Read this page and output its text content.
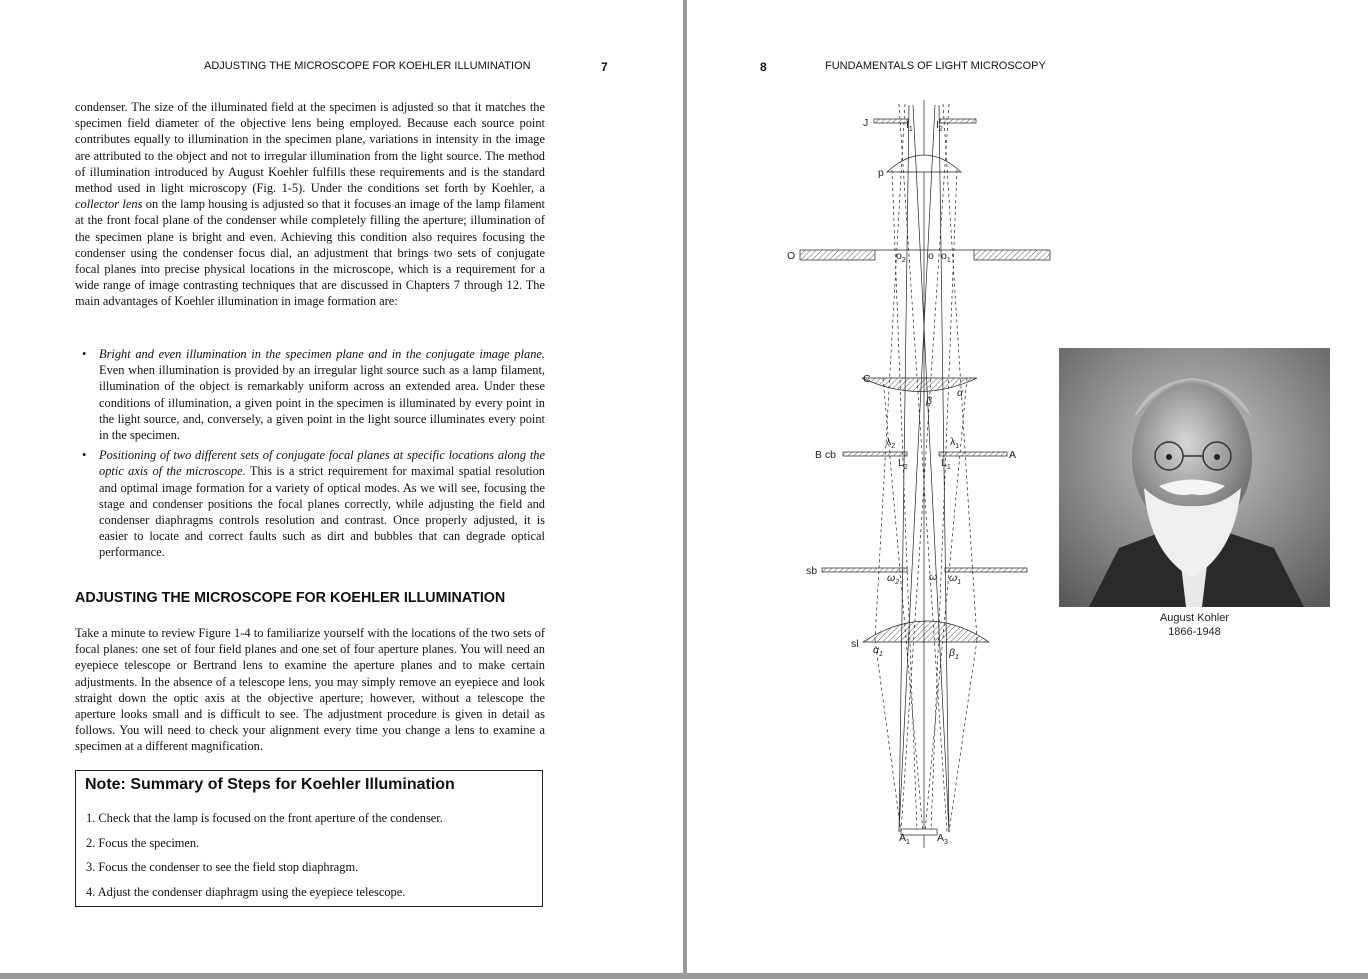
ADJUSTING THE MICROSCOPE FOR KOEHLER ILLUMINATION	7

condenser. The size of the illuminated field at the specimen is adjusted so that it matches the specimen field diameter of the objective lens being employed. Because each source point contributes equally to illumination in the specimen plane, variations in intensity in the image are attributed to the object and not to irregular illumination from the light source. The method of illumination introduced by August Koehler fulfills these requirements and is the standard method used in light microscopy (Fig. 1-5). Under the conditions set forth by Koehler, a collector lens on the lamp housing is adjusted so that it focuses an image of the lamp filament at the front focal plane of the condenser while completely filling the aperture; illumination of the specimen plane is bright and even. Achieving this condition also requires focusing the condenser using the condenser focus dial, an adjustment that brings two sets of conjugate focal planes into precise physical locations in the microscope, which is a requirement for a wide range of image contrasting techniques that are discussed in Chapters 7 through 12. The main advantages of Koehler illumination in image formation are:

• Bright and even illumination in the specimen plane and in the conjugate image plane. Even when illumination is provided by an irregular light source such as a lamp filament, illumination of the object is remarkably uniform across an extended area. Under these conditions of illumination, a given point in the specimen is illuminated by every point in the light source, and, conversely, a given point in the light source illuminates every point in the specimen.
• Positioning of two different sets of conjugate focal planes at specific locations along the optic axis of the microscope. This is a strict requirement for maximal spatial resolution and optimal image formation for a variety of optical modes. As we will see, focusing the stage and condenser positions the focal planes correctly, while adjusting the field and condenser diaphragms controls resolution and contrast. Once properly adjusted, it is easier to locate and correct faults such as dirt and bubbles that can degrade optical performance.
ADJUSTING THE MICROSCOPE FOR KOEHLER ILLUMINATION

Take a minute to review Figure 1-4 to familiarize yourself with the locations of the two sets of focal planes: one set of four field planes and one set of four aperture planes. You will need an eyepiece telescope or Bertrand lens to examine the aperture planes and to make certain adjustments. In the absence of a telescope lens, you may simply remove an eyepiece and look straight down the optic axis at the objective aperture; however, without a telescope the aperture looks small and is difficult to see. The adjustment procedure is given in detail as follows. You will need to check your alignment every time you change a lens to examine a specimen at a different magnification.

Note: Summary of Steps for Koehler Illumination
1. Check that the lamp is focused on the front aperture of the condenser.
2. Focus the specimen.
3. Focus the condenser to see the field stop diaphragm.
4. Adjust the condenser diaphragm using the eyepiece telescope.
8	FUNDAMENTALS OF LIGHT MICROSCOPY
J	$I_1$ $I_2$
p
O	$o_2$ o $o_1$
C
β
α
$\lambda_2$	$\lambda_1$
B cb	A
$L_2$	$L_1$
sb
$\omega_2$	ω $\omega_1$
sl $\alpha_1$	$\beta_1$
$A_1$	$A_3$
August Kohler
1866-1948
